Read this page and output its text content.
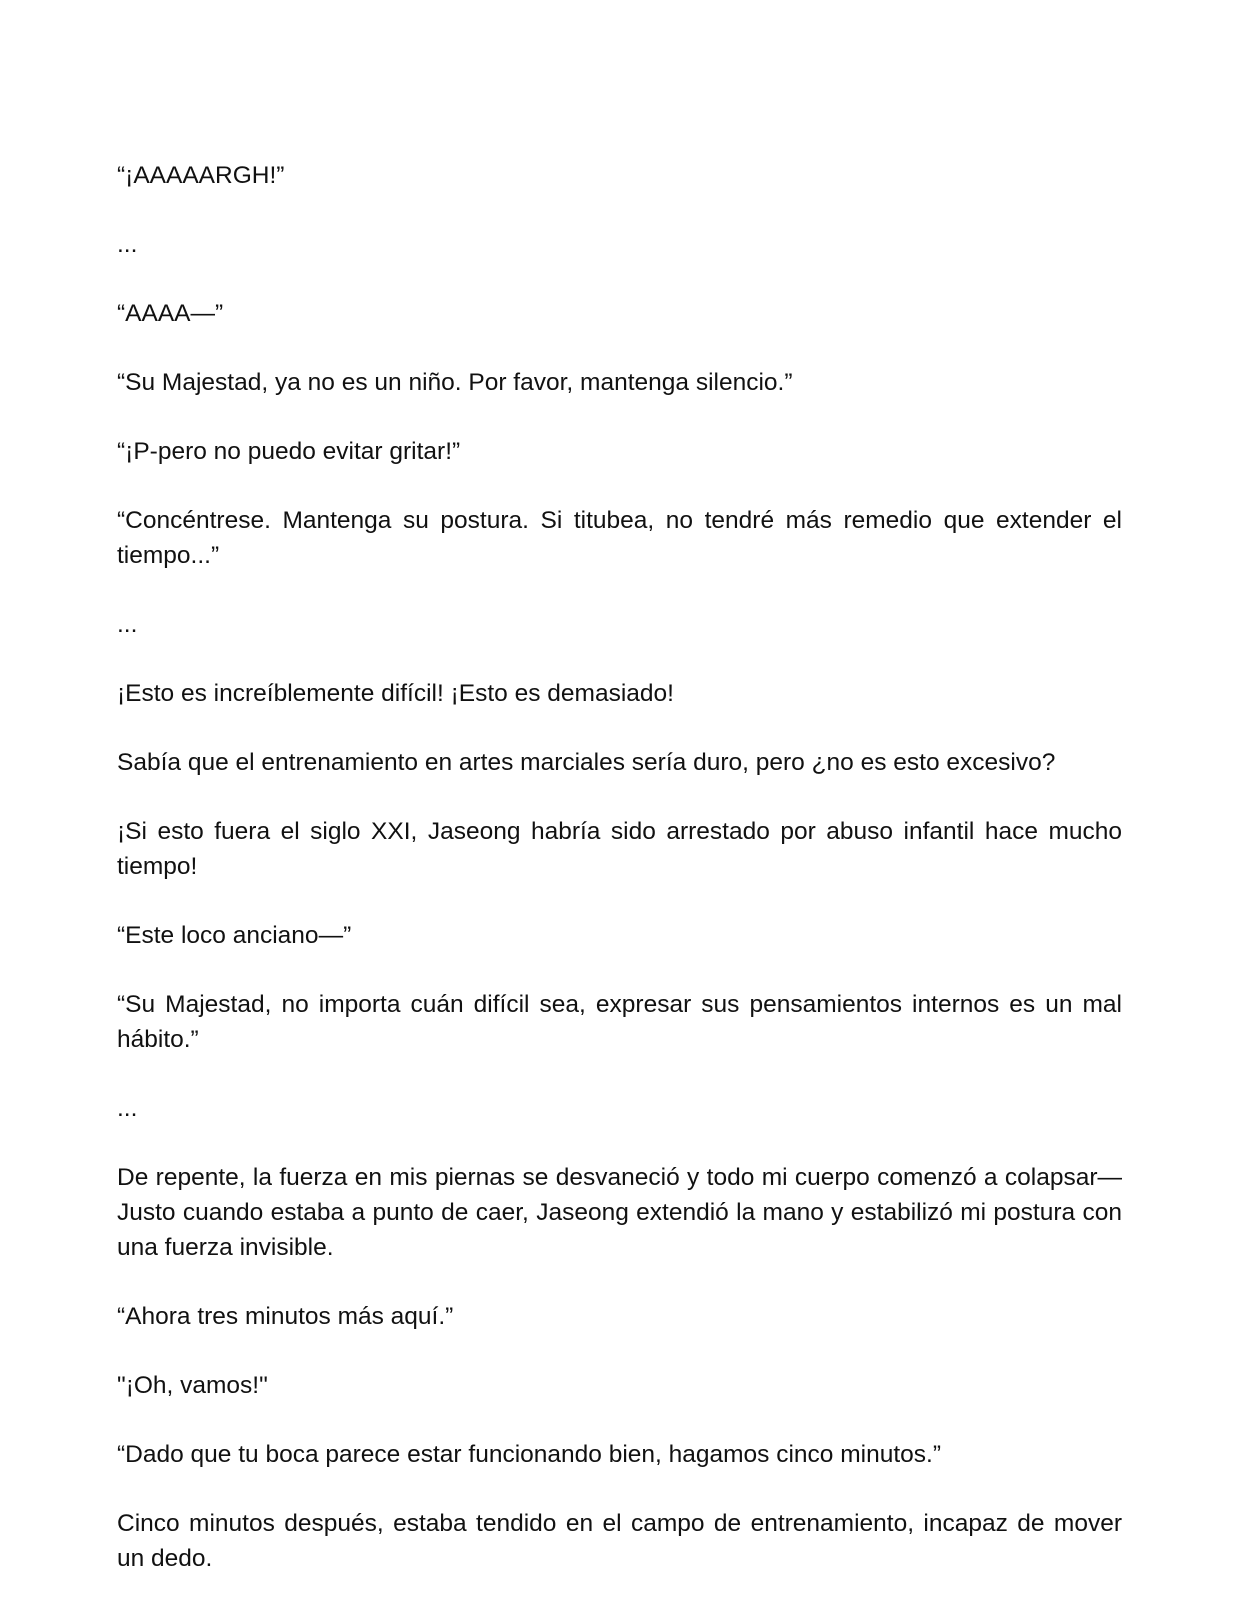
“¡AAAAARGH!”

...

“AAAA—”

“Su Majestad, ya no es un niño. Por favor, mantenga silencio.”

“¡P-pero no puedo evitar gritar!”

“Concéntrese. Mantenga su postura. Si titubea, no tendré más remedio que extender el tiempo...”

...

¡Esto es increíblemente difícil! ¡Esto es demasiado!

Sabía que el entrenamiento en artes marciales sería duro, pero ¿no es esto excesivo?

¡Si esto fuera el siglo XXI, Jaseong habría sido arrestado por abuso infantil hace mucho tiempo!

“Este loco anciano—”

“Su Majestad, no importa cuán difícil sea, expresar sus pensamientos internos es un mal hábito.”

...

De repente, la fuerza en mis piernas se desvaneció y todo mi cuerpo comenzó a colapsar— Justo cuando estaba a punto de caer, Jaseong extendió la mano y estabilizó mi postura con una fuerza invisible.

“Ahora tres minutos más aquí.”

"¡Oh, vamos!"

“Dado que tu boca parece estar funcionando bien, hagamos cinco minutos.”

Cinco minutos después, estaba tendido en el campo de entrenamiento, incapaz de mover un dedo.
